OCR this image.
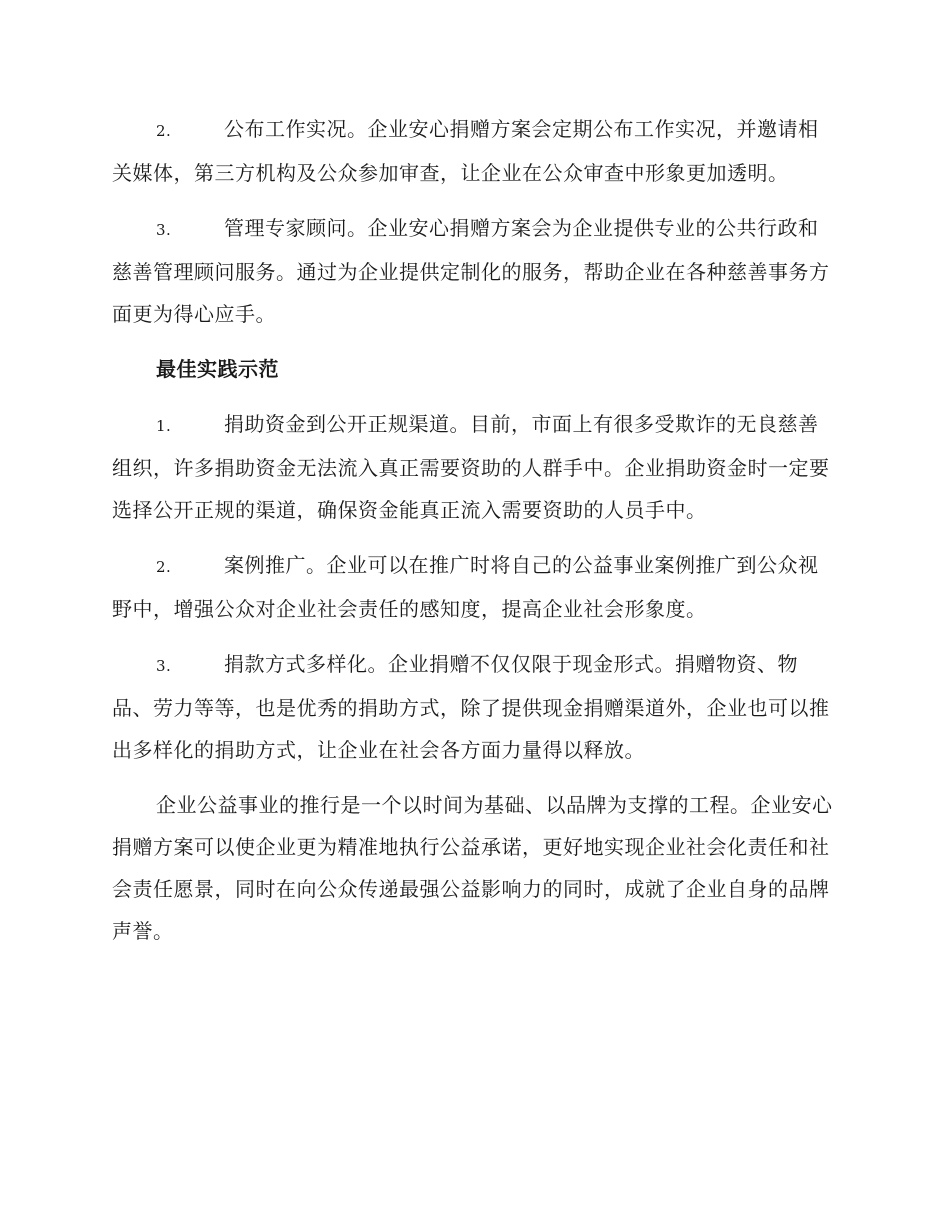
2.	公布工作实况。企业安心捐赠方案会定期公布工作实况，并邀请相关媒体，第三方机构及公众参加审查，让企业在公众审查中形象更加透明。

3.	管理专家顾问。企业安心捐赠方案会为企业提供专业的公共行政和慈善管理顾问服务。通过为企业提供定制化的服务，帮助企业在各种慈善事务方面更为得心应手。

最佳实践示范

1.	捐助资金到公开正规渠道。目前，市面上有很多受欺诈的无良慈善组织，许多捐助资金无法流入真正需要资助的人群手中。企业捐助资金时一定要选择公开正规的渠道，确保资金能真正流入需要资助的人员手中。

2.	案例推广。企业可以在推广时将自己的公益事业案例推广到公众视野中，增强公众对企业社会责任的感知度，提高企业社会形象度。

3.	捐款方式多样化。企业捐赠不仅仅限于现金形式。捐赠物资、物品、劳力等等，也是优秀的捐助方式，除了提供现金捐赠渠道外，企业也可以推出多样化的捐助方式，让企业在社会各方面力量得以释放。

企业公益事业的推行是一个以时间为基础、以品牌为支撑的工程。企业安心捐赠方案可以使企业更为精准地执行公益承诺，更好地实现企业社会化责任和社会责任愿景，同时在向公众传递最强公益影响力的同时，成就了企业自身的品牌声誉。
